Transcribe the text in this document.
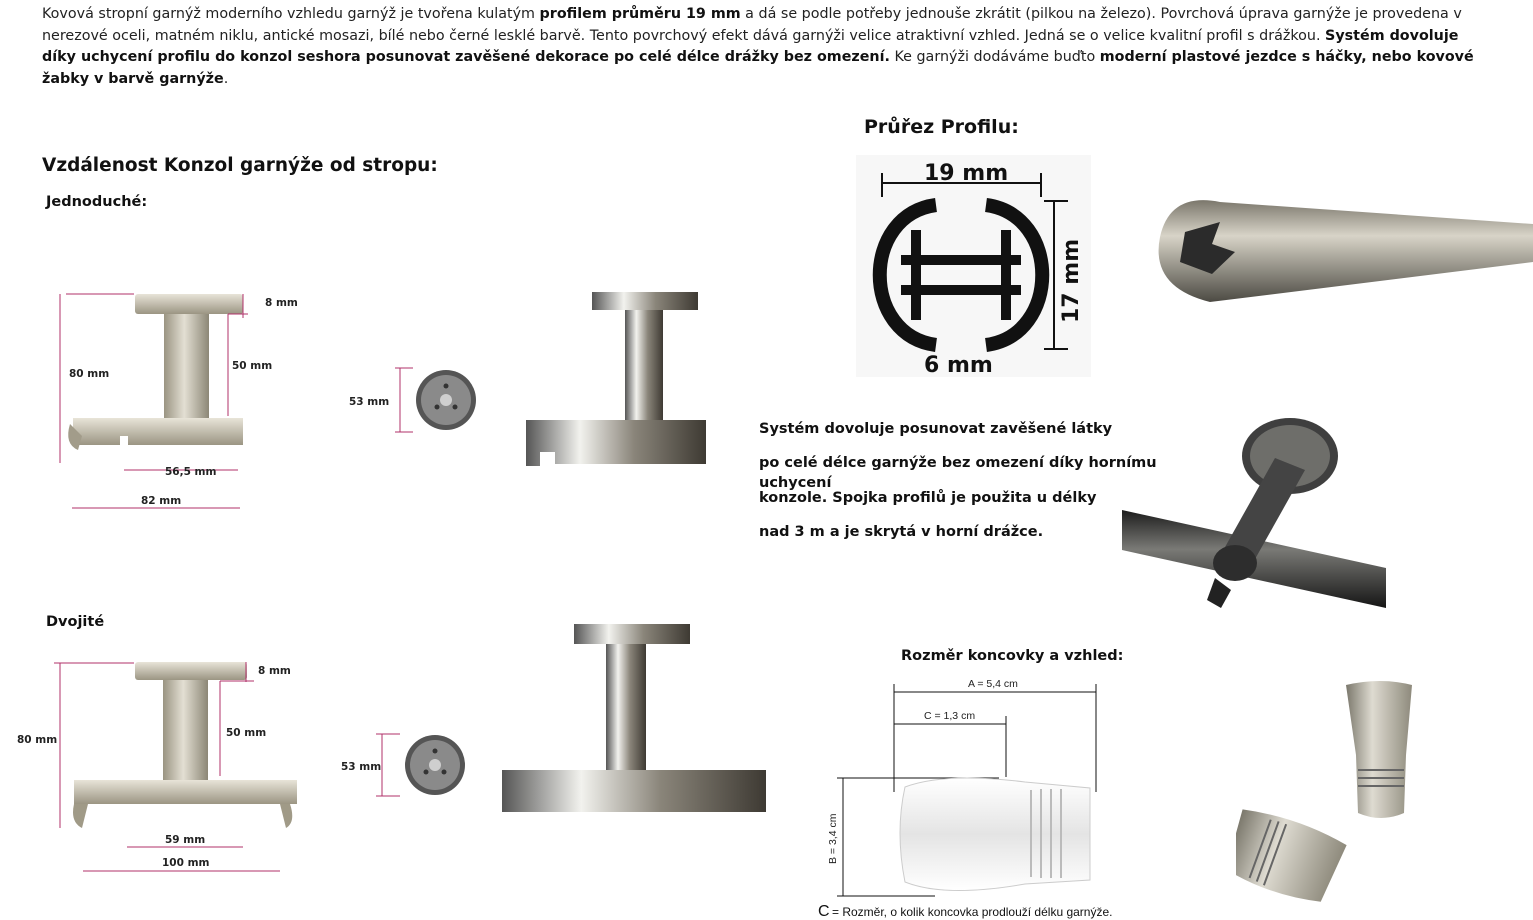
Kovová stropní garnýž moderního vzhledu garnýž je tvořena kulatým profilem průměru 19 mm a dá se podle potřeby jednouše zkrátit (pilkou na železo). Povrchová úprava garnýže je provedena v nerezové oceli, matném niklu, antické mosazi, bílé nebo černé lesklé barvě. Tento povrchový efekt dává garnýži velice atraktivní vzhled. Jedná se o velice kvalitní profil s drážkou. Systém dovoluje díky uchycení profilu do konzol seshora posunovat zavěšené dekorace po celé délce drážky bez omezení. Ke garnýži dodáváme buďto moderní plastové jezdce s háčky, nebo kovové žabky v barvě garnýže.
Vzdálenost Konzol garnýže od stropu:
Jednoduché:
Dvojité
Průřez Profilu:
Rozměr koncovky a vzhled:
8 mm
80 mm
50 mm
56,5 mm
82 mm
53 mm
8 mm
80 mm
50 mm
59 mm
100 mm
53 mm
19 mm
6 mm
17 mm

Systém dovoluje posunovat zavěšené látky

po celé délce garnýže bez omezení díky hornímu uchycení

konzole. Spojka profilů je použita u délky

nad 3 m a je skrytá v horní drážce.

A = 5,4 cm
C = 1,3 cm
B = 3,4 cm
C = Rozměr, o kolik koncovka prodlouží délku garnýže.
